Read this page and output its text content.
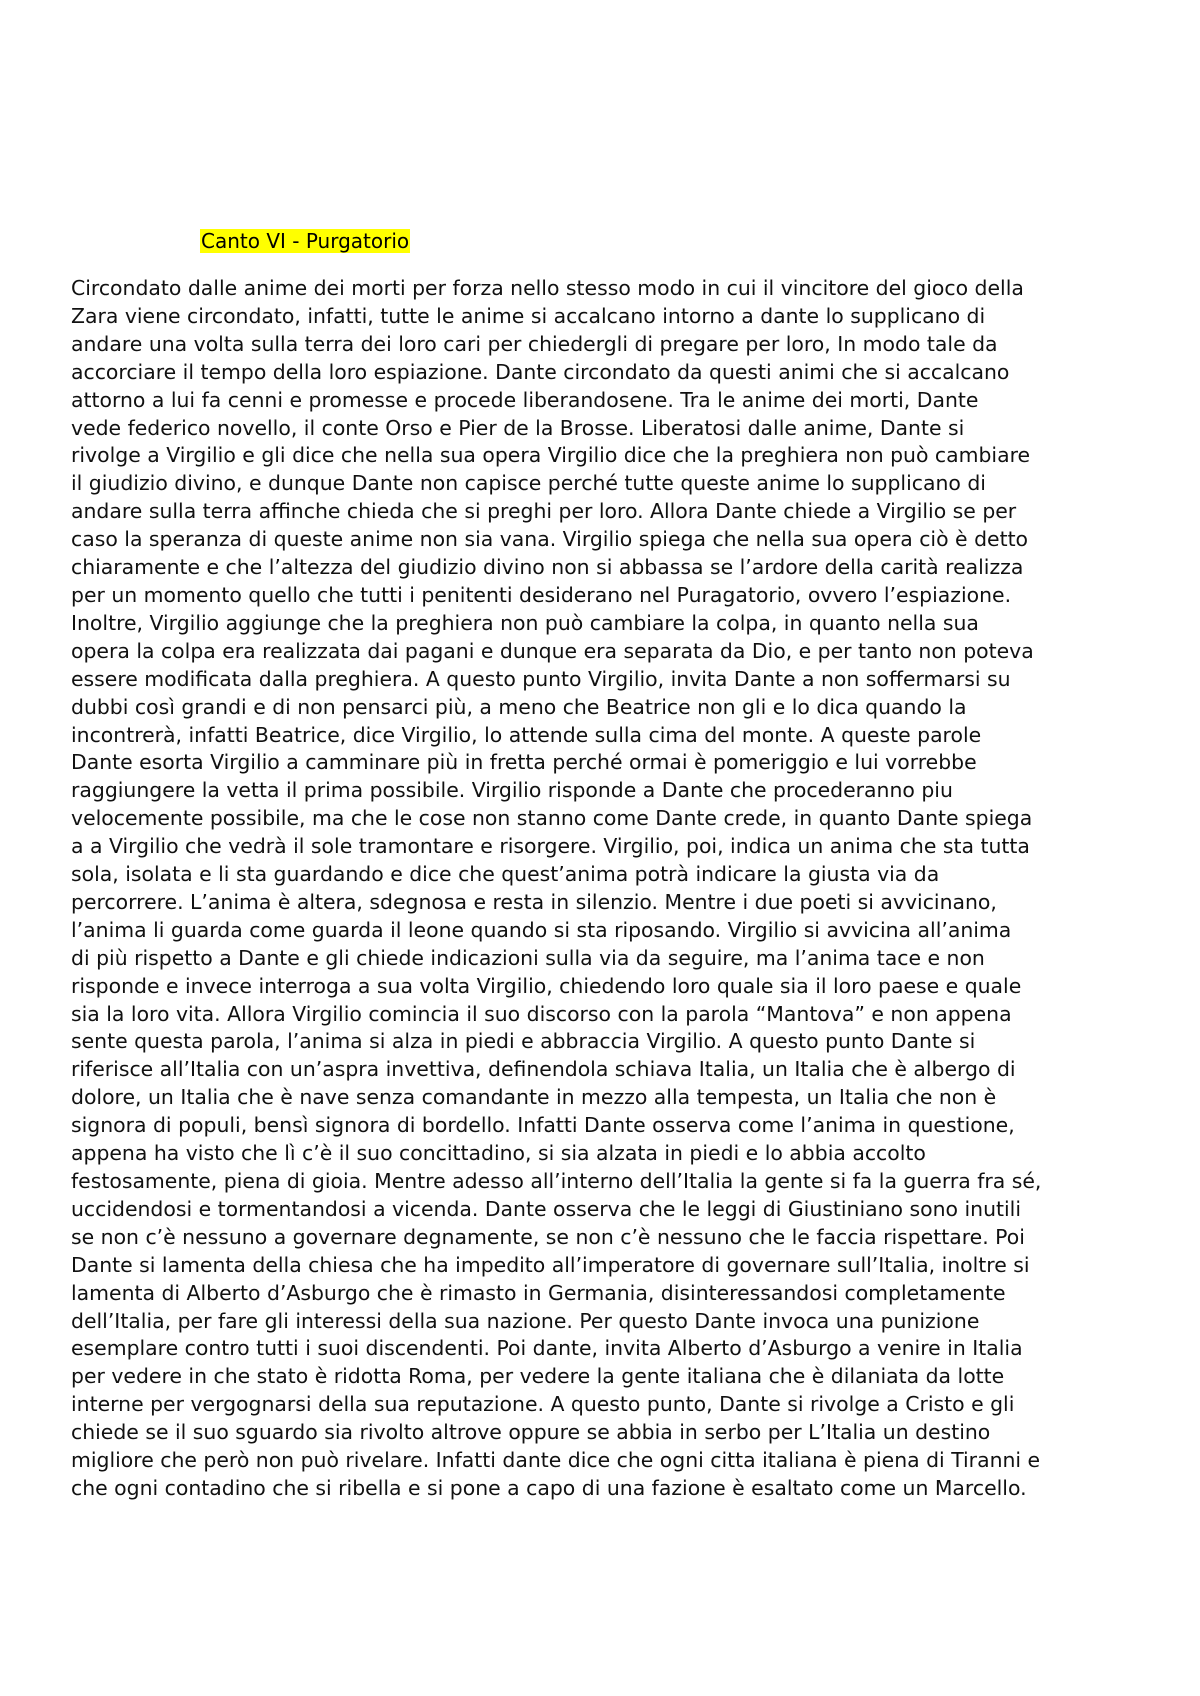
Canto VI - Purgatorio
Circondato dalle anime dei morti per forza nello stesso modo in cui il vincitore del gioco della
Zara viene circondato, infatti, tutte le anime si accalcano intorno a dante lo supplicano di
andare una volta sulla terra dei loro cari per chiedergli di pregare per loro, In modo tale da
accorciare il tempo della loro espiazione. Dante circondato da questi animi che si accalcano
attorno a lui fa cenni e promesse e procede liberandosene. Tra le anime dei morti, Dante
vede federico novello, il conte Orso e Pier de la Brosse. Liberatosi dalle anime, Dante si
rivolge a Virgilio e gli dice che nella sua opera Virgilio dice che la preghiera non può cambiare
il giudizio divino, e dunque Dante non capisce perché tutte queste anime lo supplicano di
andare sulla terra affinche chieda che si preghi per loro. Allora Dante chiede a Virgilio se per
caso la speranza di queste anime non sia vana. Virgilio spiega che nella sua opera ciò è detto
chiaramente e che l’altezza del giudizio divino non si abbassa se l’ardore della carità realizza
per un momento quello che tutti i penitenti desiderano nel Puragatorio, ovvero l’espiazione.
Inoltre, Virgilio aggiunge che la preghiera non può cambiare la colpa, in quanto nella sua
opera la colpa era realizzata dai pagani e dunque era separata da Dio, e per tanto non poteva
essere modificata dalla preghiera. A questo punto Virgilio, invita Dante a non soffermarsi su
dubbi così grandi e di non pensarci più, a meno che Beatrice non gli e lo dica quando la
incontrerà, infatti Beatrice, dice Virgilio, lo attende sulla cima del monte. A queste parole
Dante esorta Virgilio a camminare più in fretta perché ormai è pomeriggio e lui vorrebbe
raggiungere la vetta il prima possibile. Virgilio risponde a Dante che procederanno piu
velocemente possibile, ma che le cose non stanno come Dante crede, in quanto Dante spiega
a a Virgilio che vedrà il sole tramontare e risorgere. Virgilio, poi, indica un anima che sta tutta
sola, isolata e li sta guardando e dice che quest’anima potrà indicare la giusta via da
percorrere. L’anima è altera, sdegnosa e resta in silenzio. Mentre i due poeti si avvicinano,
l’anima li guarda come guarda il leone quando si sta riposando. Virgilio si avvicina all’anima
di più rispetto a Dante e gli chiede indicazioni sulla via da seguire, ma l’anima tace e non
risponde e invece interroga a sua volta Virgilio, chiedendo loro quale sia il loro paese e quale
sia la loro vita. Allora Virgilio comincia il suo discorso con la parola “Mantova” e non appena
sente questa parola, l’anima si alza in piedi e abbraccia Virgilio. A questo punto Dante si
riferisce all’Italia con un’aspra invettiva, definendola schiava Italia, un Italia che è albergo di
dolore, un Italia che è nave senza comandante in mezzo alla tempesta, un Italia che non è
signora di populi, bensì signora di bordello. Infatti Dante osserva come l’anima in questione,
appena ha visto che lì c’è il suo concittadino, si sia alzata in piedi e lo abbia accolto
festosamente, piena di gioia. Mentre adesso all’interno dell’Italia la gente si fa la guerra fra sé,
uccidendosi e tormentandosi a vicenda. Dante osserva che le leggi di Giustiniano sono inutili
se non c’è nessuno a governare degnamente, se non c’è nessuno che le faccia rispettare. Poi
Dante si lamenta della chiesa che ha impedito all’imperatore di governare sull’Italia, inoltre si
lamenta di Alberto d’Asburgo che è rimasto in Germania, disinteressandosi completamente
dell’Italia, per fare gli interessi della sua nazione. Per questo Dante invoca una punizione
esemplare contro tutti i suoi discendenti. Poi dante, invita Alberto d’Asburgo a venire in Italia
per vedere in che stato è ridotta Roma, per vedere la gente italiana che è dilaniata da lotte
interne per vergognarsi della sua reputazione. A questo punto, Dante si rivolge a Cristo e gli
chiede se il suo sguardo sia rivolto altrove oppure se abbia in serbo per L’Italia un destino
migliore che però non può rivelare. Infatti dante dice che ogni citta italiana è piena di Tiranni e
che ogni contadino che si ribella e si pone a capo di una fazione è esaltato come un Marcello.
